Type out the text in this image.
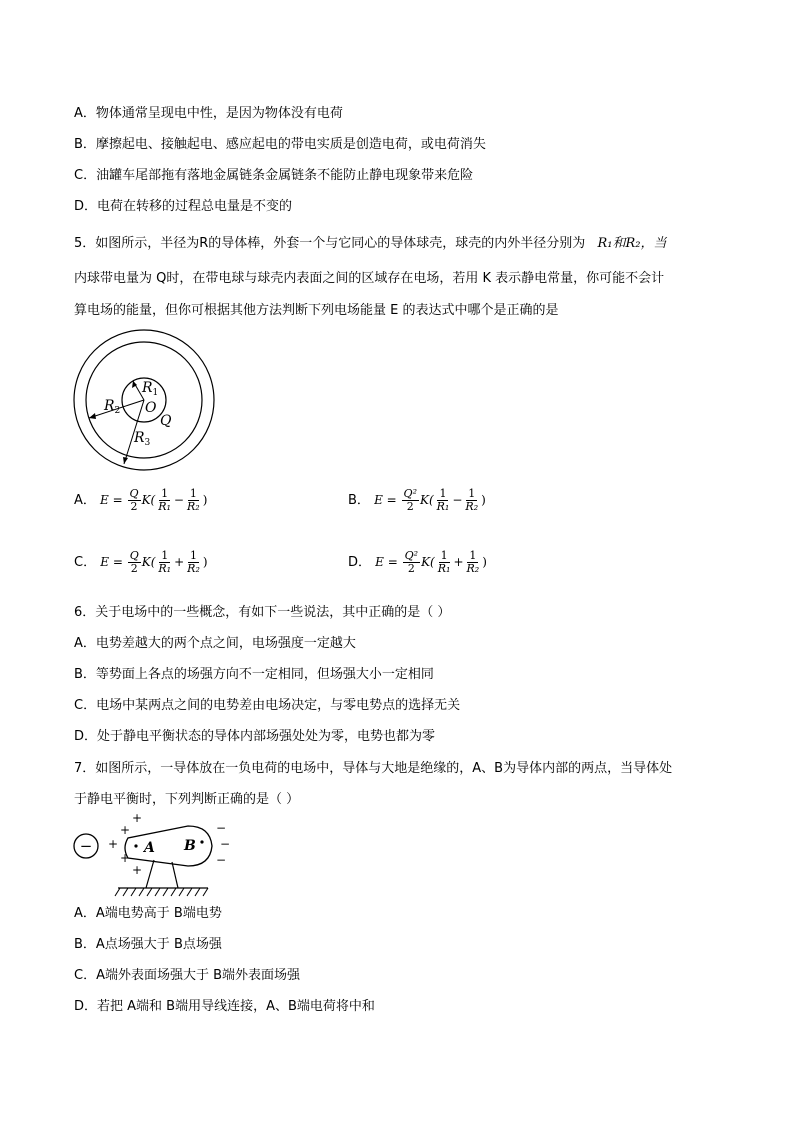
A．物体通常呈现电中性，是因为物体没有电荷
B．摩擦起电、接触起电、感应起电的带电实质是创造电荷，或电荷消失
C．油罐车尾部拖有落地金属链条金属链条不能防止静电现象带来危险
D．电荷在转移的过程总电量是不变的
5．如图所示，半径为R的导体棒，外套一个与它同心的导体球壳，球壳的内外半径分别为 R₁和R₂，当
内球带电量为 Q时，在带电球与球壳内表面之间的区域存在电场，若用 K 表示静电常量，你可能不会计
算电场的能量，但你可根据其他方法判断下列电场能量 E 的表达式中哪个是正确的是
$R_1$
$R_2$
$R_3$
O
Q
A． $E = \frac{Q}{2} K( \frac{1}{\text{R₁}} - \frac{1}{\text{R₂}}$ )	B． $E = \frac{\text{Q²}}{2} K( \frac{1}{\text{R₁}} - \frac{1}{\text{R₂}}$ )
C． $E = \frac{Q}{2} K( \frac{1}{\text{R₁}} + \frac{1}{\text{R₂}}$ )	D． $E = \frac{\text{Q²}}{2} K( \frac{1}{\text{R₁}} + \frac{1}{\text{R₂}}$ )
6．关于电场中的一些概念，有如下一些说法，其中正确的是（ ）
A．电势差越大的两个点之间，电场强度一定越大
B．等势面上各点的场强方向不一定相同，但场强大小一定相同
C．电场中某两点之间的电势差由电场决定，与零电势点的选择无关
D．处于静电平衡状态的导体内部场强处处为零，电势也都为零
7．如图所示，一导体放在一负电荷的电场中，导体与大地是绝缘的，A、B为导体内部的两点，当导体处
于静电平衡时，下列判断正确的是（ ）
−
+
+
+
+
+
−
−
−
A B
A．A端电势高于 B端电势
B．A点场强大于 B点场强
C．A端外表面场强大于 B端外表面场强
D．若把 A端和 B端用导线连接，A、B端电荷将中和
